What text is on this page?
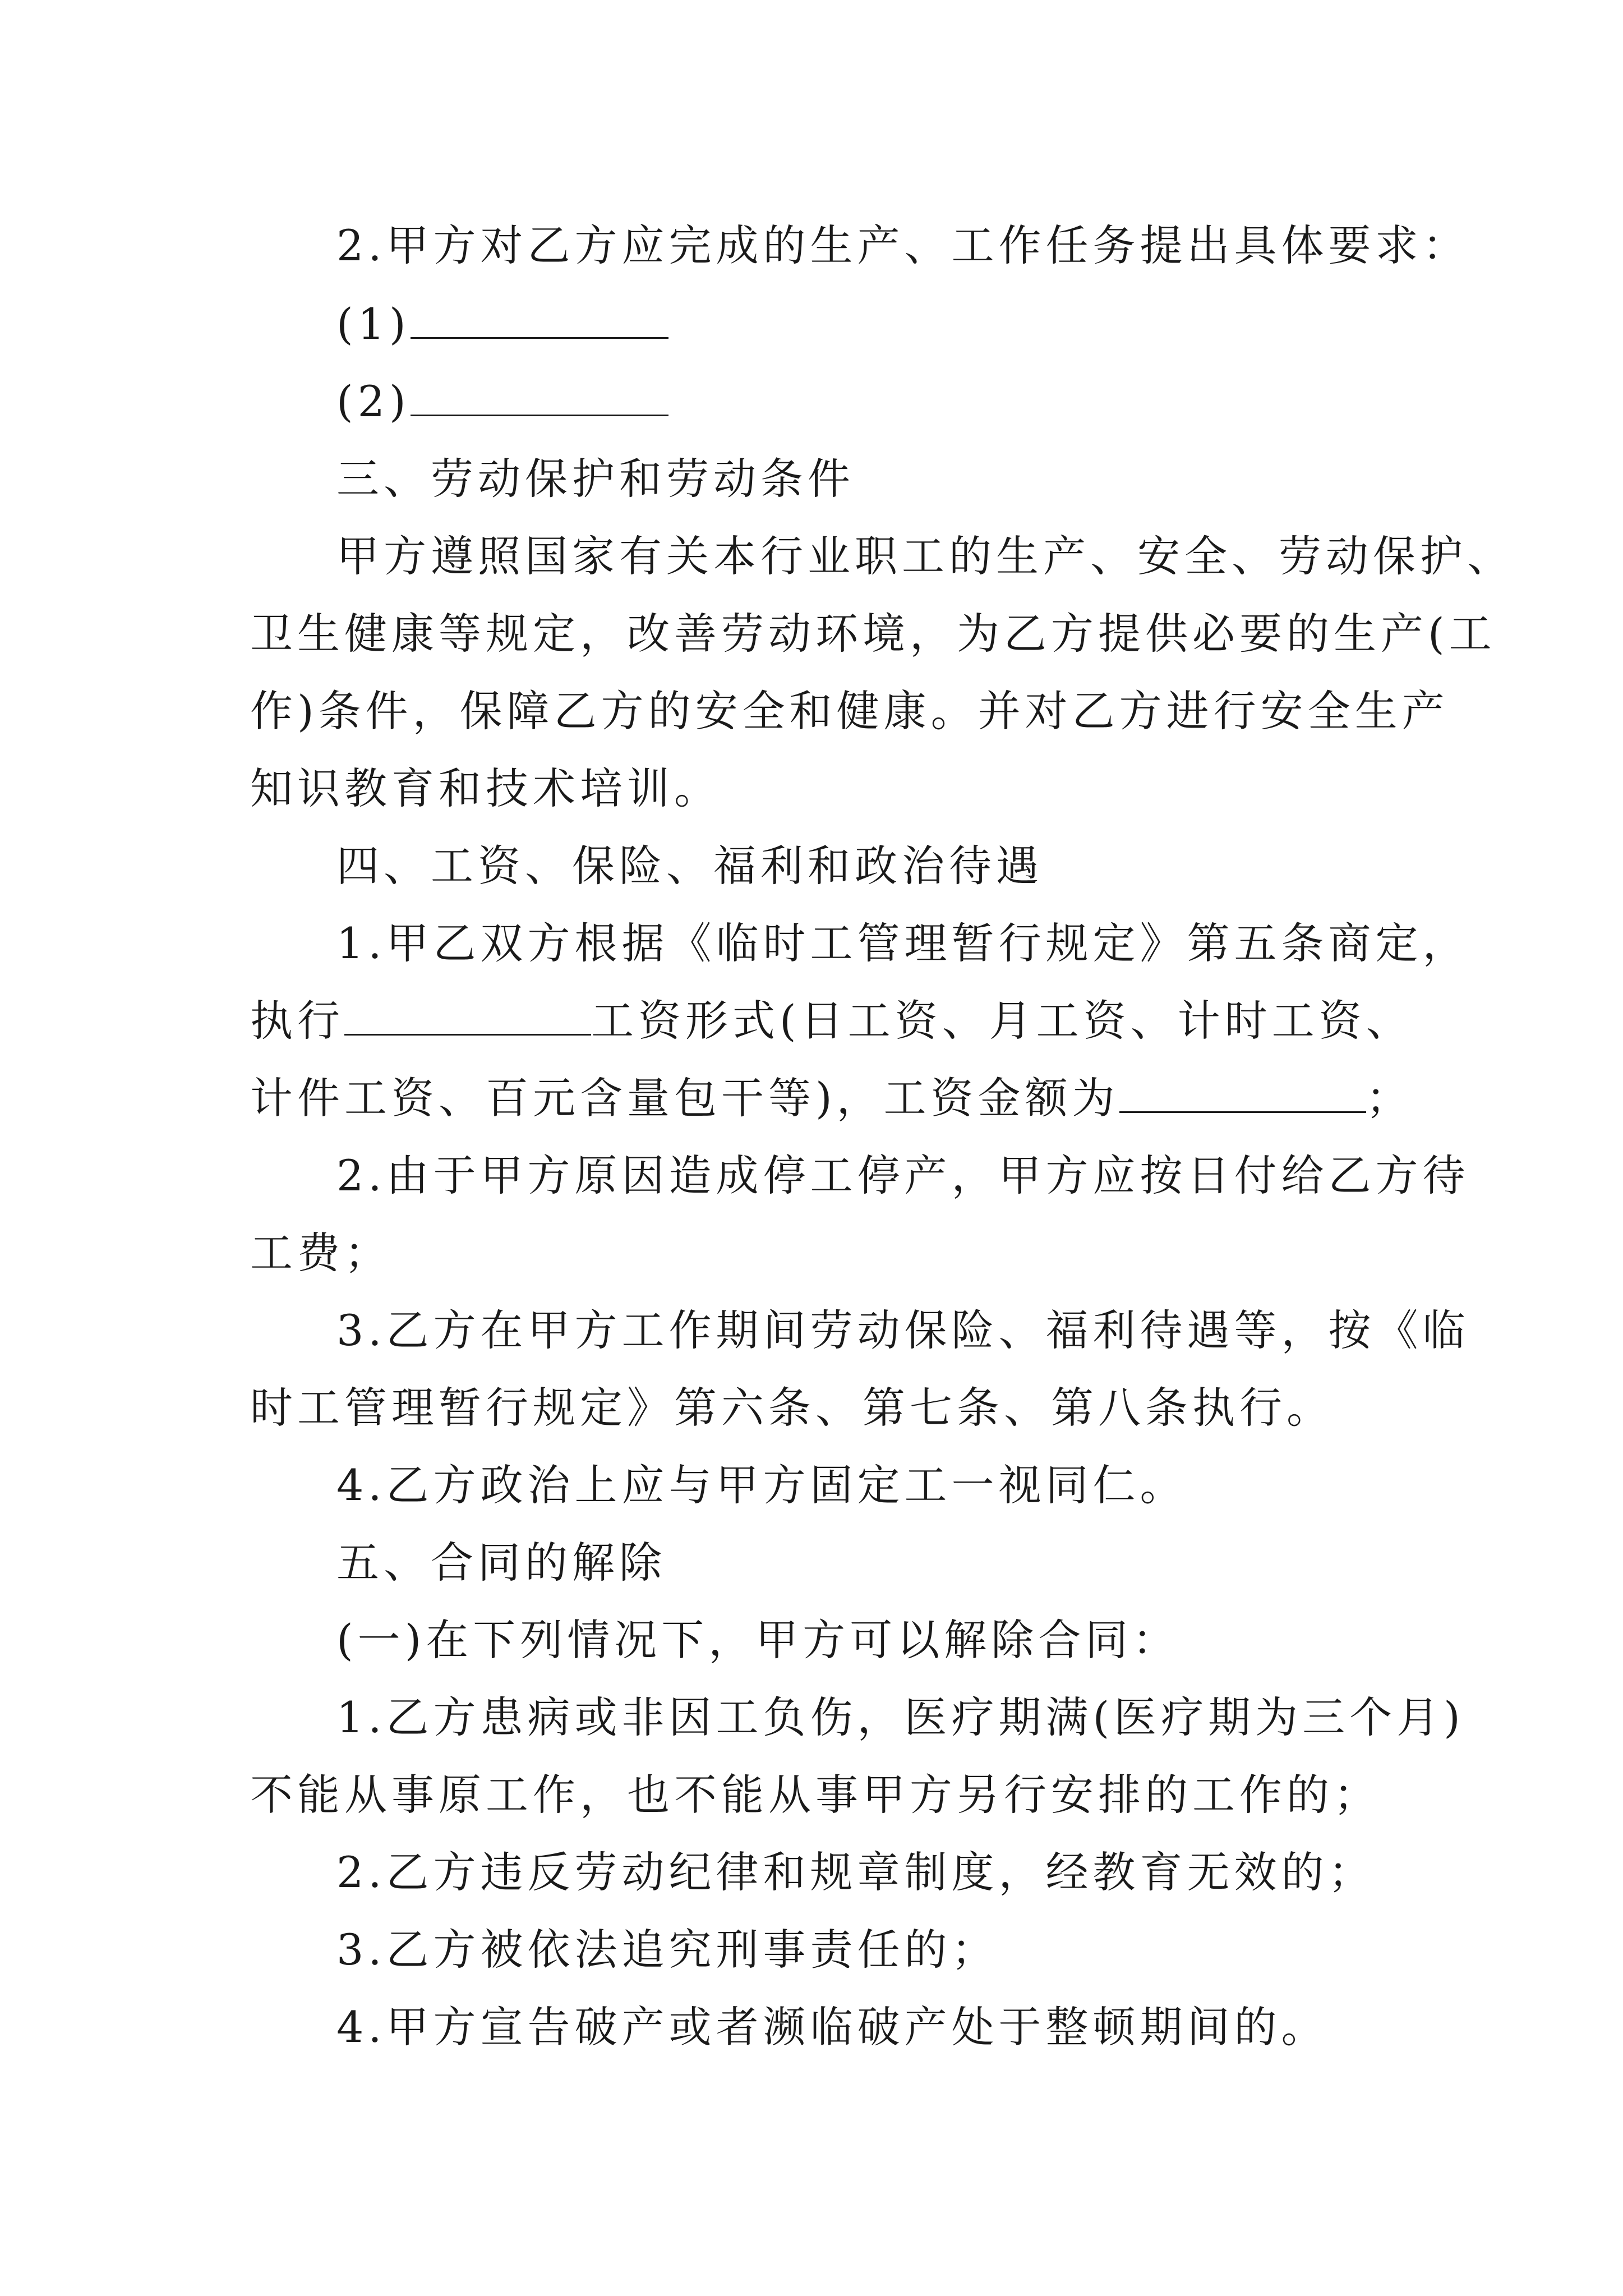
2.甲方对乙方应完成的生产、工作任务提出具体要求：
(1)
(2)
三、劳动保护和劳动条件
甲方遵照国家有关本行业职工的生产、安全、劳动保护、
卫生健康等规定，改善劳动环境，为乙方提供必要的生产(工
作)条件，保障乙方的安全和健康。并对乙方进行安全生产
知识教育和技术培训。
四、工资、保险、福利和政治待遇
1.甲乙双方根据《临时工管理暂行规定》第五条商定，
执行	工资形式(日工资、月工资、计时工资、
计件工资、百元含量包干等)，工资金额为	；
2.由于甲方原因造成停工停产，甲方应按日付给乙方待
工费；
3.乙方在甲方工作期间劳动保险、福利待遇等，按《临
时工管理暂行规定》第六条、第七条、第八条执行。
4.乙方政治上应与甲方固定工一视同仁。
五、合同的解除
(一)在下列情况下，甲方可以解除合同：
1.乙方患病或非因工负伤，医疗期满(医疗期为三个月)
不能从事原工作，也不能从事甲方另行安排的工作的；
2.乙方违反劳动纪律和规章制度，经教育无效的；
3.乙方被依法追究刑事责任的；
4.甲方宣告破产或者濒临破产处于整顿期间的。
